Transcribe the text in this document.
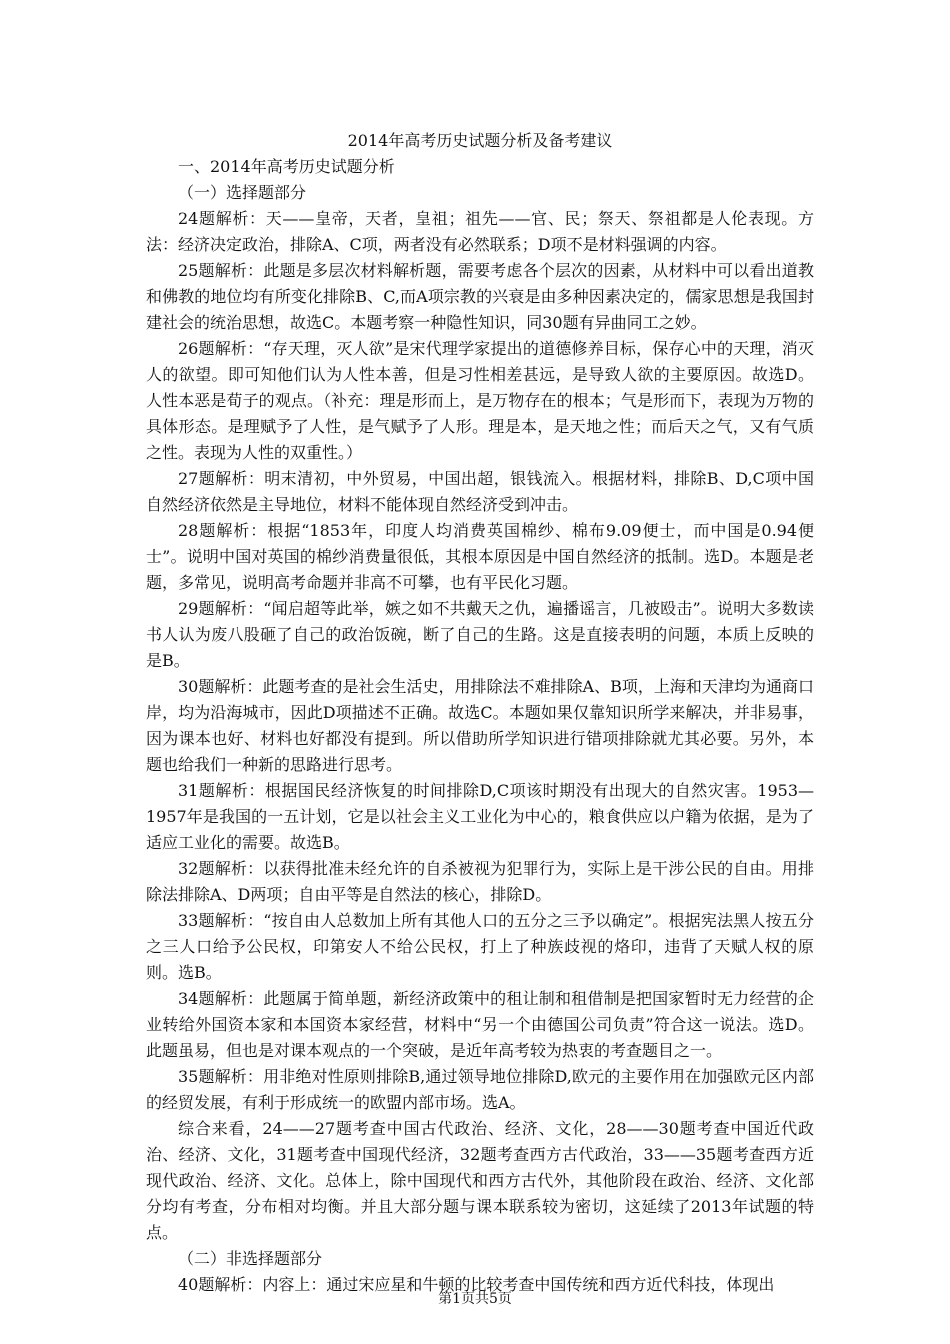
2014年高考历史试题分析及备考建议

一、2014年高考历史试题分析

（一）选择题部分

24题解析：天——皇帝，天者，皇祖；祖先——官、民；祭天、祭祖都是人伦表现。方法：经济决定政治，排除A、C项，两者没有必然联系；D项不是材料强调的内容。

25题解析：此题是多层次材料解析题，需要考虑各个层次的因素，从材料中可以看出道教和佛教的地位均有所变化排除B、C,而A项宗教的兴衰是由多种因素决定的，儒家思想是我国封建社会的统治思想，故选C。本题考察一种隐性知识，同30题有异曲同工之妙。

26题解析：“存天理，灭人欲”是宋代理学家提出的道德修养目标，保存心中的天理，消灭人的欲望。即可知他们认为人性本善，但是习性相差甚远，是导致人欲的主要原因。故选D。人性本恶是荀子的观点。（补充：理是形而上，是万物存在的根本；气是形而下，表现为万物的具体形态。是理赋予了人性，是气赋予了人形。理是本，是天地之性；而后天之气，又有气质之性。表现为人性的双重性。）

27题解析：明末清初，中外贸易，中国出超，银钱流入。根据材料，排除B、D,C项中国自然经济依然是主导地位，材料不能体现自然经济受到冲击。

28题解析：根据“1853年，印度人均消费英国棉纱、棉布9.09便士，而中国是0.94便士”。说明中国对英国的棉纱消费量很低，其根本原因是中国自然经济的抵制。选D。本题是老题，多常见，说明高考命题并非高不可攀，也有平民化习题。

29题解析：“闻启超等此举，嫉之如不共戴天之仇，遍播谣言，几被殴击”。说明大多数读书人认为废八股砸了自己的政治饭碗，断了自己的生路。这是直接表明的问题，本质上反映的是B。

30题解析：此题考查的是社会生活史，用排除法不难排除A、B项，上海和天津均为通商口岸，均为沿海城市，因此D项描述不正确。故选C。本题如果仅靠知识所学来解决，并非易事，因为课本也好、材料也好都没有提到。所以借助所学知识进行错项排除就尤其必要。另外，本题也给我们一种新的思路进行思考。

31题解析：根据国民经济恢复的时间排除D,C项该时期没有出现大的自然灾害。1953—1957年是我国的一五计划，它是以社会主义工业化为中心的，粮食供应以户籍为依据，是为了适应工业化的需要。故选B。

32题解析：以获得批准未经允许的自杀被视为犯罪行为，实际上是干涉公民的自由。用排除法排除A、D两项；自由平等是自然法的核心，排除D。

33题解析：“按自由人总数加上所有其他人口的五分之三予以确定”。根据宪法黑人按五分之三人口给予公民权，印第安人不给公民权，打上了种族歧视的烙印，违背了天赋人权的原则。选B。

34题解析：此题属于简单题，新经济政策中的租让制和租借制是把国家暂时无力经营的企业转给外国资本家和本国资本家经营，材料中“另一个由德国公司负责”符合这一说法。选D。此题虽易，但也是对课本观点的一个突破，是近年高考较为热衷的考查题目之一。

35题解析：用非绝对性原则排除B,通过领导地位排除D,欧元的主要作用在加强欧元区内部的经贸发展，有利于形成统一的欧盟内部市场。选A。

综合来看，24——27题考查中国古代政治、经济、文化，28——30题考查中国近代政治、经济、文化，31题考查中国现代经济，32题考查西方古代政治，33——35题考查西方近现代政治、经济、文化。总体上，除中国现代和西方古代外，其他阶段在政治、经济、文化部分均有考查，分布相对均衡。并且大部分题与课本联系较为密切，这延续了2013年试题的特点。

（二）非选择题部分

40题解析：内容上：通过宋应星和牛顿的比较考查中国传统和西方近代科技，体现出

第1页共5页
